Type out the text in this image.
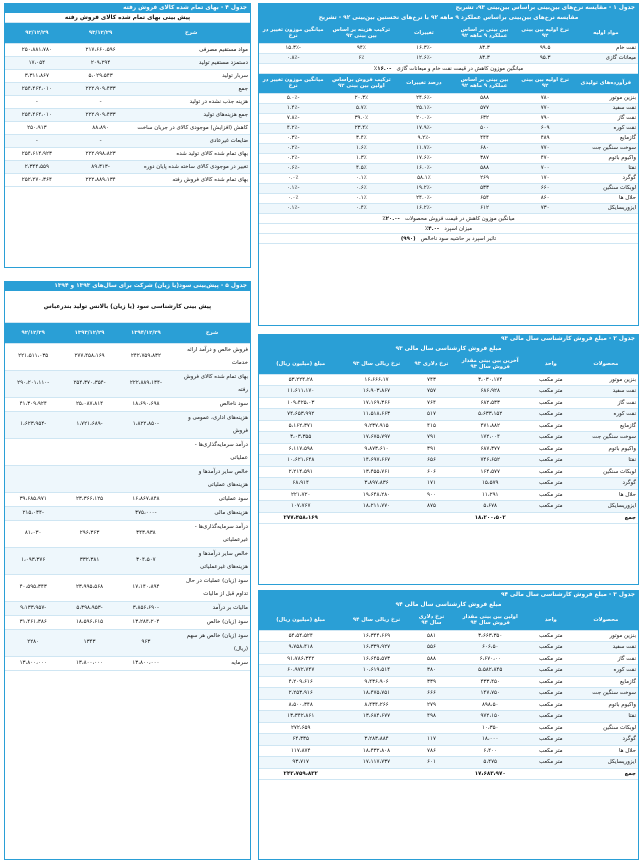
جدول ۱ - مقایسه نرخ‌های بینِ‌بینی براساس بینِ‌بینی ۹۳، تشریح
مقایسه نرخ‌های بین‌بینی براساس عملکرد ۹ ماهه ۹۲ با نرخ‌های نخستین بین‌بینی ۹۲ - تشریح
مواد اولیه	نرخ اولیه بین بینی ۹۲	بین بینی بر اساس عملکرد ۹ ماهه ۹۲	تغییرات	ترکیب هزینه بر اساس بین بینی ۹۲	میانگین موزون تغییر در نرخ
نفت خام	۹۹.۵	۸۳.۳	-۱۶.۳٪	۹۴٪	-۱۵.۳٪
میعانات گازی	۹۵.۳	۸۳.۳	-۱۲.۶٪	۶٪	-۰.۸٪
میانگین موزون کاهش در قیمت نفت خام و میعانات گازی   -۱۶.۰٪
فرآورده‌های تولیدی	نرخ اولیه بین بینی ۹۲	بین بینی بر اساس عملکرد ۹ ماهه ۹۲	درصد تغییرات	ترکیب فروش براساس اولین بین بینی ۹۲	میانگین موزون تغییر در نرخ
بنزین موتور	۷۸۰	۵۸۸	-۲۴.۶٪	۲۰.۳٪	-۵.۰٪
نفت سفید	۷۷۰	۵۷۷	-۲۵.۱٪	۵.۷٪	-۱.۴٪
نفت گاز	۷۹۰	۶۳۲	-۲۰.۰٪	۳۹.۰٪	-۷.۸٪
نفت کوره	۶۰۹	۵۰۰	-۱۷.۹٪	۲۳.۴٪	-۴.۲٪
گازمایع	۴۸۹	۴۴۴	-۹.۲٪	۳.۴٪	-۰.۳٪
سوخت سنگین جت	۷۷۰	۶۸۰	-۱۱.۷٪	۱.۶٪	-۰.۲٪
واکیوم باتوم	۴۷۰	۳۸۷	-۱۷.۶٪	۱.۳٪	-۰.۲٪
نفتا	۷۰۰	۵۸۸	-۱۶.۰٪	۴.۵٪	-۰.۶٪
گوگرد	۱۷۰	۲۶۹	۵۸.۱٪	۰.۱٪	۰.۰٪
لوبکات سنگین	۶۶۰	۵۳۳	-۱۹.۲٪	۰.۶٪	-۰.۱٪
حلال ها	۸۶۰	۶۵۴	-۲۴.۰٪	۰.۱٪	۰.۰٪
ایزوریسایکل	۷۳۰	۶۱۲	-۱۶.۲٪	۰.۴٪	-۰.۱٪
میانگین موزون کاهش در قیمت فروش محصولات   -۲۰.۰٪
میزان اسپرد   -۴.۰٪
تاثیر اسپرد بر حاشیه سود ناخالص   (۹۹۰)
جدول ۲ - مبلغ فروش کارشناسی سال مالی ۹۳
مبلغ فروش کارشناسی سال مالی ۹۳
محصولات	واحد	آخرین بین بینی مقدار فروش سال ۹۳	نرخ دلاری ۹۳	نرخ ریالی سال ۹۳	مبلغ (میلیون ریال)
بنزین موتور	متر مکعب	۳،۰۳۰،۱۷۴	۷۴۳	۱۶،۶۶۶،۱۷	۵۳،۲۲۴،۲۸
نفت سفید	متر مکعب	۶۸۶،۹۲۸	۷۵۷	۱۶،۹۰۳،۸۶۷	۱۱،۶۱۱،۱۷۰
نفت گاز	متر مکعب	۶۸۲،۵۳۳	۷۶۴	۱۷،۱۶۹،۳۶۶	۱۰۹،۴۲۵،۰۳
نفت کوره	متر مکعب	۵،۶۳۳،۱۵۲	۵۱۷	۱۱،۵۱۸،۶۶۳	۷۴،۶۵۳،۹۹۲
گازمایع	متر مکعب	۴۷۱،۸۸۲	۴۱۵	۹،۲۳۷،۹۱۵	۵،۱۶۲،۳۷۱
سوخت سنگین جت	متر مکعب	۱۷۲،۰۰۴	۷۹۱	۱۷،۶۷۵،۷۹۷	۳،۰۳،۳۵۵
واکیوم باتوم	متر مکعب	۶۸۷،۳۷۷	۳۹۱	۹،۸۷۳،۶۱۰	۶،۱۱۷،۵۹۸
نفتا	متر مکعب	۷۴۶،۶۵۲	۶۵۶	۱۴،۶۹۷،۶۶۷	۱۰،۶۲۱،۶۴۸
لوبکات سنگین	متر مکعب	۱۶۴،۵۷۷	۶۰۶	۱۳،۴۵۵،۷۶۱	۲،۲۱۴،۵۹۱
گوگرد	متر مکعب	۱۵،۵۷۹	۱۷۱	۳،۸۹۷،۸۳۶	۶۸،۹۱۴
حلال ها	متر مکعب	۱۱،۲۹۱	۹۰۰	۱۹،۶۴۸،۲۸۰	۲۲۱،۷۲۰
ایزوریسایکل	متر مکعب	۵،۶۷۸	۸۷۵	۱۸،۲۱۱،۷۷۰	۱۰۷،۷۶۷
جمع		۱۸،۲۰۰،۵۰۲			۲۷۷،۴۵۸،۱۶۹
جدول ۳ - مبلغ فروش کارشناسی سال مالی ۹۴
مبلغ فروش کارشناسی سال مالی ۹۴
محصولات	واحد	اولین بین بینی مقدار فروش سال ۹۴	نرخ دلاری سال ۹۴	نرخ ریالی سال ۹۴	مبلغ (میلیون ریال)
بنزین موتور	متر مکعب	۳،۶۶۳،۳۵۰	۵۸۱	۱۶،۳۴۴،۶۶۹	۵۴،۵۴،۵۲۴
نفت سفید	متر مکعب	۶۰۶،۵۰	۵۵۶	۱۶،۳۳۹،۹۲۷	۹،۷۵۸،۴۱۸
نفت گاز	متر مکعب	۶،۶۷۰،۰۰	۵۸۸	۱۶،۶۴۵،۵۷۳	۹۱،۷۸۶،۳۴۲
نفت کوره	متر مکعب	۵،۵۸۲،۸۴۵	۳۸۰	۱۰،۶۱۹،۵۱۴	۶۰،۹۷۲،۷۴۷
گازمایع	متر مکعب	۴۳۳،۴۵۰	۳۳۹	۹،۴۳۶،۹۰۶	۴،۲۰۹،۶۱۶
سوخت سنگین جت	متر مکعب	۱۴۷،۷۵۰	۶۶۶	۱۸،۴۷۵،۷۵۱	۲،۲۵۳،۹۱۶
واکیوم باتوم	متر مکعب	۸۹۸،۵۰	۲۷۹	۸،۴۳۴،۲۶۶	۸،۵۰۰،۳۴۸
نفتا	متر مکعب	۹۷۲،۱۵۰	۴۹۸	۱۳،۶۸۴،۶۷۷	۱۳،۳۴۲،۸۶۱
لوبکات سنگین	متر مکعب	۱۰،۳۵۰			۲۷۲،۶۵۹
گوگرد	متر مکعب	۱۸،۰۰۰	۱۱۷	۳،۲۸۳،۸۸۴	۶۴،۳۳۵
حلال ها	متر مکعب	۶،۴۰۰	۷۸۶	۱۸،۴۳۲،۸۰۸	۱۱۷،۸۷۴
ایزوریسایکل	متر مکعب	۵،۴۷۵	۶۰۱	۱۷،۱۱۷،۷۳۷	۹۳،۷۱۷
جمع		۱۷،۶۸۳،۹۷۰			۲۴۲،۷۵۹،۸۳۲
جدول ۴ - بهای تمام شده کالای فروش رفته
پیش بینی بهای تمام شده کالای فروش رفته
شرح	۹۳/۱۲/۲۹	۹۲/۱۲/۲۹
مواد مستقیم مصرفی	۲۱۷،۶۶۰،۵۹۶	۲۵۰،۸۸۱،۷۸۰
دستمزد مستقیم تولید	۲۰۹،۲۹۴	۱۷،۰۵۴
سربار تولید	۵،۰۲۹،۵۴۳	۳،۳۱۱،۸۶۷
جمع	۲۲۲،۹۰۹،۴۳۳	۲۵۴،۴۶۴،۰۱۰
هزینه جذب نشده در تولید	-	-
جمع هزینه‌های تولید	۲۲۲،۹۰۹،۴۳۳	۲۵۴،۴۶۴،۰۱۰
کاهش (افزایش) موجودی کالای در جریان ساخت	۸۸،۸۹۰	۲۵۰،۹۱۳
ضایعات غیرعادی	-	-
بهای تمام شده کالای تولید شده	۲۲۲،۹۹۸،۸۲۳	۲۵۴،۶۱۴،۹۲۳
تغییر در موجودی کالای ساخته شده پایان دوره	-۸۹،۳۱۳	۲،۳۴۴،۵۵۹
بهای تمام شده کالای فروش رفته	۲۲۲،۸۸۹،۱۳۴	۲۵۲،۲۷۰،۳۶۴
جدول ۵ - پیش‌بینی سود(یا زیان) شرکت برای سال‌های ۱۳۹۳ و ۱۳۹۴
پیش بینی کارشناسی سود (یا زیان) بالانس تولید بندرعباس
شرح	۱۳۹۴/۱۲/۲۹	۱۳۹۳/۱۲/۲۹	۹۲/۱۲/۲۹
فروش خالص و درآمد ارائه خدمات	۲۴۲،۷۵۹،۸۳۲	۲۷۷،۴۵۸،۱۶۹	۲۲۱،۵۱۱،۰۳۵
بهای تمام شده کالای فروش رفته	-۲۲۲،۸۸۹،۱۳۴	-۲۵۴،۳۷۰،۳۵۴	-۲۹۰،۲۰۱،۱۱۰
سود ناخالص	۱۸،۶۹۰،۶۹۸	۲۵،۰۸۷،۸۱۴	۴۱،۳۰۹،۹۲۴
هزینه‌های اداری، عمومی و فروش	-۱،۸۲۲،۸۵۰	-۱،۷۲۱،۶۸۹	-۱،۶۲۳،۹۵۴
درآمد سرمایه‌گذاری‌ها - عملیاتی			
خالص سایر درآمدها و هزینه‌های عملیاتی			
سود عملیاتی	۱۶،۸۶۷،۸۴۸	۲۳،۳۶۶،۱۲۵	۳۹،۶۸۵،۹۷۱
هزینه‌های مالی	-۳۷۵،۰۰۰		-۲۱۵،۰۳۴
درآمد سرمایه‌گذاری‌ها - غیرعملیاتی	۳۴۳،۹۳۸	۲۹۶،۳۶۳	۸۱،۰۳۰
خالص سایر درآمدها و هزینه‌های غیرعملیاتی	۳۰۴،۵۰۷	۳۳۲،۳۸۱	۱،۰۹۳،۳۷۶
سود (زیان) عملیات در حال تداوم قبل از مالیات	۱۷،۱۴۰،۸۹۴	۲۳،۹۹۵،۵۶۸	۴۰،۵۹۵،۳۴۳
مالیات بر درآمد	-۳،۸۵۶،۶۹۰	-۵،۳۹۸،۹۵۳	-۹،۱۳۳،۹۵۷
سود (زیان) خالص	۱۳،۲۸۴،۲۰۴	۱۸،۵۹۶،۶۱۵	۳۱،۴۶۱،۳۸۶
سود (زیان) خالص هر سهم (ریال)	۹۶۳	۱۳۴۳	۲۲۸۰
سرمایه	۱۳،۸۰۰،۰۰۰	۱۳،۸۰۰،۰۰۰	۱۳،۸۰۰،۰۰۰
